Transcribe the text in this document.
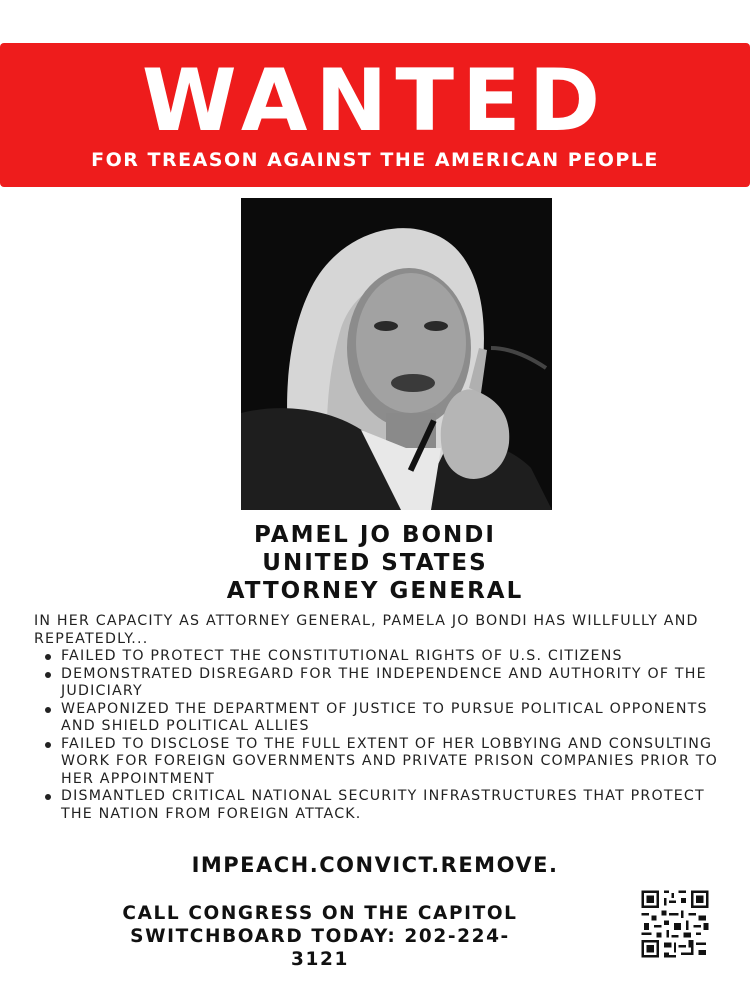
WANTED
FOR TREASON AGAINST THE AMERICAN PEOPLE
PAMEL JO BONDI
UNITED STATES
ATTORNEY GENERAL

IN HER CAPACITY AS ATTORNEY GENERAL, PAMELA JO BONDI HAS WILLFULLY AND REPEATEDLY...

FAILED TO PROTECT THE CONSTITUTIONAL RIGHTS OF U.S. CITIZENS
DEMONSTRATED DISREGARD FOR THE INDEPENDENCE AND AUTHORITY OF THE JUDICIARY
WEAPONIZED THE DEPARTMENT OF JUSTICE TO PURSUE POLITICAL OPPONENTS AND SHIELD POLITICAL ALLIES
FAILED TO DISCLOSE TO THE FULL EXTENT OF HER LOBBYING AND CONSULTING WORK FOR FOREIGN GOVERNMENTS AND PRIVATE PRISON COMPANIES PRIOR TO HER APPOINTMENT
DISMANTLED CRITICAL NATIONAL SECURITY INFRASTRUCTURES THAT PROTECT THE NATION FROM FOREIGN ATTACK.
IMPEACH.CONVICT.REMOVE.
CALL CONGRESS ON THE CAPITOL
SWITCHBOARD TODAY: 202-224-3121
